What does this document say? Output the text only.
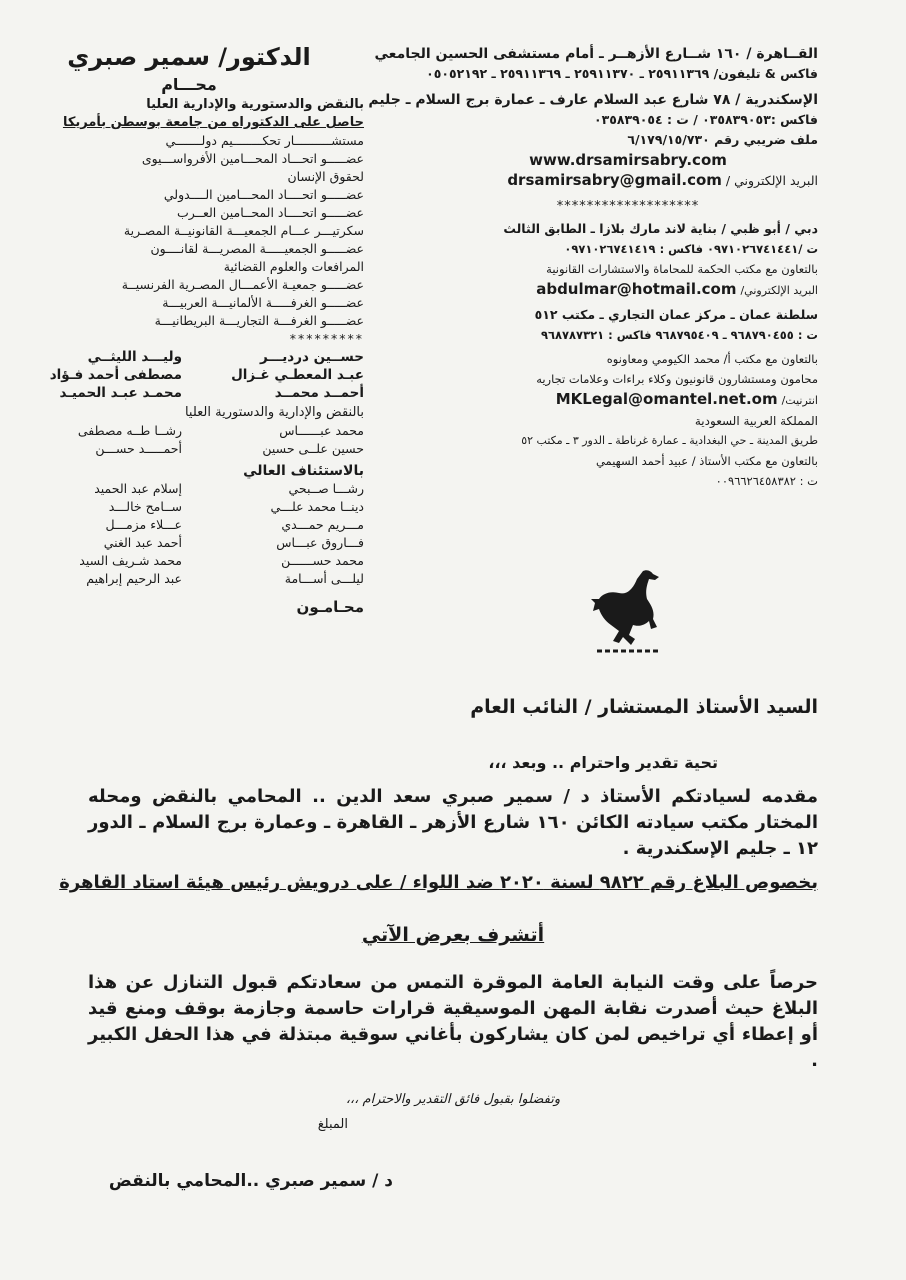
القــاهرة / ١٦٠ شــارع الأزهــر ـ أمام مستشفى الحسين الجامعي
فاكس & تليفون/ ٢٥٩١١٣٦٩ ـ ٢٥٩١١٣٧٠ ـ ٢٥٩١١٣٦٩ ـ ٠٥٠٥٢١٩٢
الإسكندرية / ٧٨ شارع عبد السلام عارف ـ عمارة برج السلام ـ جليم
فاكس :٠٣٥٨٣٩٠٥٣ / ت : ٠٣٥٨٣٩٠٥٤
ملف ضريبي رقم ٦/١٧٩/١٥/٧٣٠
www.drsamirsabry.com
البريد الإلكتروني / drsamirsabry@gmail.com
*******************
دبي / أبو ظبي / بناية لاند مارك بلازا ـ الطابق الثالث
ت /٠٩٧١٠٢٦٧٤١٤٤١ فاكس : ٠٩٧١٠٢٦٧٤١٤١٩
بالتعاون مع مكتب الحكمة للمحاماة والاستشارات القانونية
البريد الإلكتروني/ abdulmar@hotmail.com
سلطنة عمان ـ مركز عمان التجاري ـ مكتب ٥١٢
ت : ٩٦٨٧٩٠٤٥٥ ـ ٩٦٨٧٩٥٤٠٩ فاكس : ٩٦٨٧٨٧٣٢١
بالتعاون مع مكتب أ/ محمد الكيومي ومعاونوه
محامون ومستشارون قانونيون وكلاء براءات وعلامات تجاريه
انترنيت/ MKLegal@omantel.net.om
المملكة العربية السعودية
طريق المدينة ـ حي البغدادية ـ عمارة غرناطة ـ الدور ٣ ـ مكتب ٥٢
بالتعاون مع مكتب الأستاذ / عبيد أحمد السهيمي
ت : ٠٠٩٦٦٢٦٤٥٨٣٨٢
الدكتور/ سمير صبري
محـــام
بالنقض والدستورية والإدارية العليا
حاصل على الدكتوراه من جامعة بوسطن بأمريكا
مستشــــــــــار تحكــــــــيم دولـــــــي
عضـــــو اتحـــاد المحـــامين الأفرواســـيوى
لحقوق الإنسان
عضـــــو اتحــــاد المحـــامين الــــدولي
عضـــــو اتحــــاد المحــامين العــرب
سكرتيـــر عـــام الجمعيـــة القانونيــة المصـرية
عضـــــو الجمعيـــــة المصريـــة لقانــــون
المرافعات والعلوم القضائية
عضـــــو جمعيـة الأعمـــال المصـرية الفرنسيــة
عضـــــو الغرفـــــة الألمانيـــة العربيـــة
عضـــــو الغرفـــة التجاريـــة البريطانيـــة
*********
حســين درديـــر
وليـــد الليثــي
عبـد المعطـي غـزال
مصطفى أحمد فـؤاد
أحمــد محمــد
محمـد عبـد الحميـد
بالنقض والإدارية والدستورية العليا
محمد عبــــــاس
رشــا طــه مصطفى
حسين علــى حسين
أحمـــــد حســـن
بالاستئناف العالي
رشـــا صــبحي
إسلام عبد الحميد
دينــا محمد علـــي
ســامح خالـــد
مـــريم حمـــدي
عـــلاء مزمـــل
فـــاروق عبـــاس
أحمد عبد الغني
محمد حســــــن
محمد شـريف السيد
ليلـــى أســـامة
عبد الرحيم إبراهيم
محـامـون
السيد الأستاذ المستشار / النائب العام
تحية تقدير واحترام .. وبعد ،،،
مقدمه لسيادتكم الأستاذ د / سمير صبري سعد الدين .. المحامي بالنقض ومحله المختار مكتب سيادته الكائن ١٦٠ شارع الأزهر ـ القاهرة ـ وعمارة برج السلام ـ الدور ١٢ ـ جليم الإسكندرية .
بخصوص البلاغ رقم ٩٨٢٢ لسنة ٢٠٢٠ ضد اللواء / على درويش رئيس هيئة استاد القاهرة
أتشرف بعرض الآتي
حرصاً على وقت النيابة العامة الموقرة التمس من سعادتكم قبول التنازل عن هذا البلاغ حيث أصدرت نقابة المهن الموسيقية قرارات حاسمة وجازمة بوقف ومنع قيد أو إعطاء أي تراخيص لمن كان يشاركون بأغاني سوقية مبتذلة في هذا الحفل الكبير .
وتفضلوا بقبول فائق التقدير والاحترام ،،،
المبلغ
د / سمير صبري ..المحامي بالنقض
